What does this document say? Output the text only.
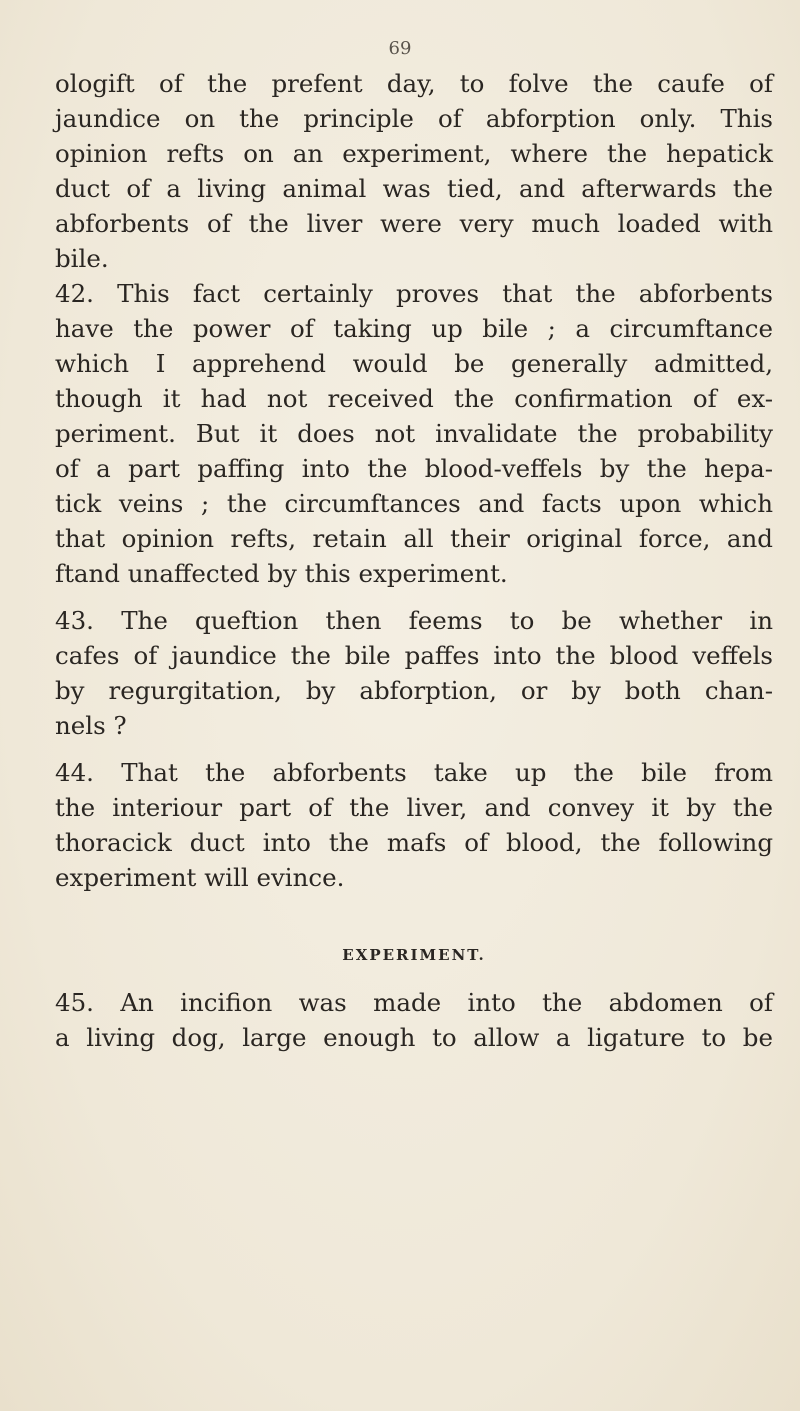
69
ologift of the prefent day, to folve the caufe of
jaundice on the principle of abforption only. This
opinion refts on an experiment, where the hepatick
duct of a living animal was tied, and afterwards the
abforbents of the liver were very much loaded with
bile.
42. This fact certainly proves that the abforbents
have the power of taking up bile ; a circumftance
which I apprehend would be generally admitted,
though it had not received the confirmation of ex-
periment. But it does not invalidate the probability
of a part paffing into the blood-veffels by the hepa-
tick veins ; the circumftances and facts upon which
that opinion refts, retain all their original force, and
ftand unaffected by this experiment.
43. The queftion then feems to be whether in
cafes of jaundice the bile paffes into the blood veffels
by regurgitation, by abforption, or by both chan-
nels ?
44. That the abforbents take up the bile from
the interiour part of the liver, and convey it by the
thoracick duct into the mafs of blood, the following
experiment will evince.
EXPERIMENT.
45. An incifion was made into the abdomen of
a living dog, large enough to allow a ligature to be
